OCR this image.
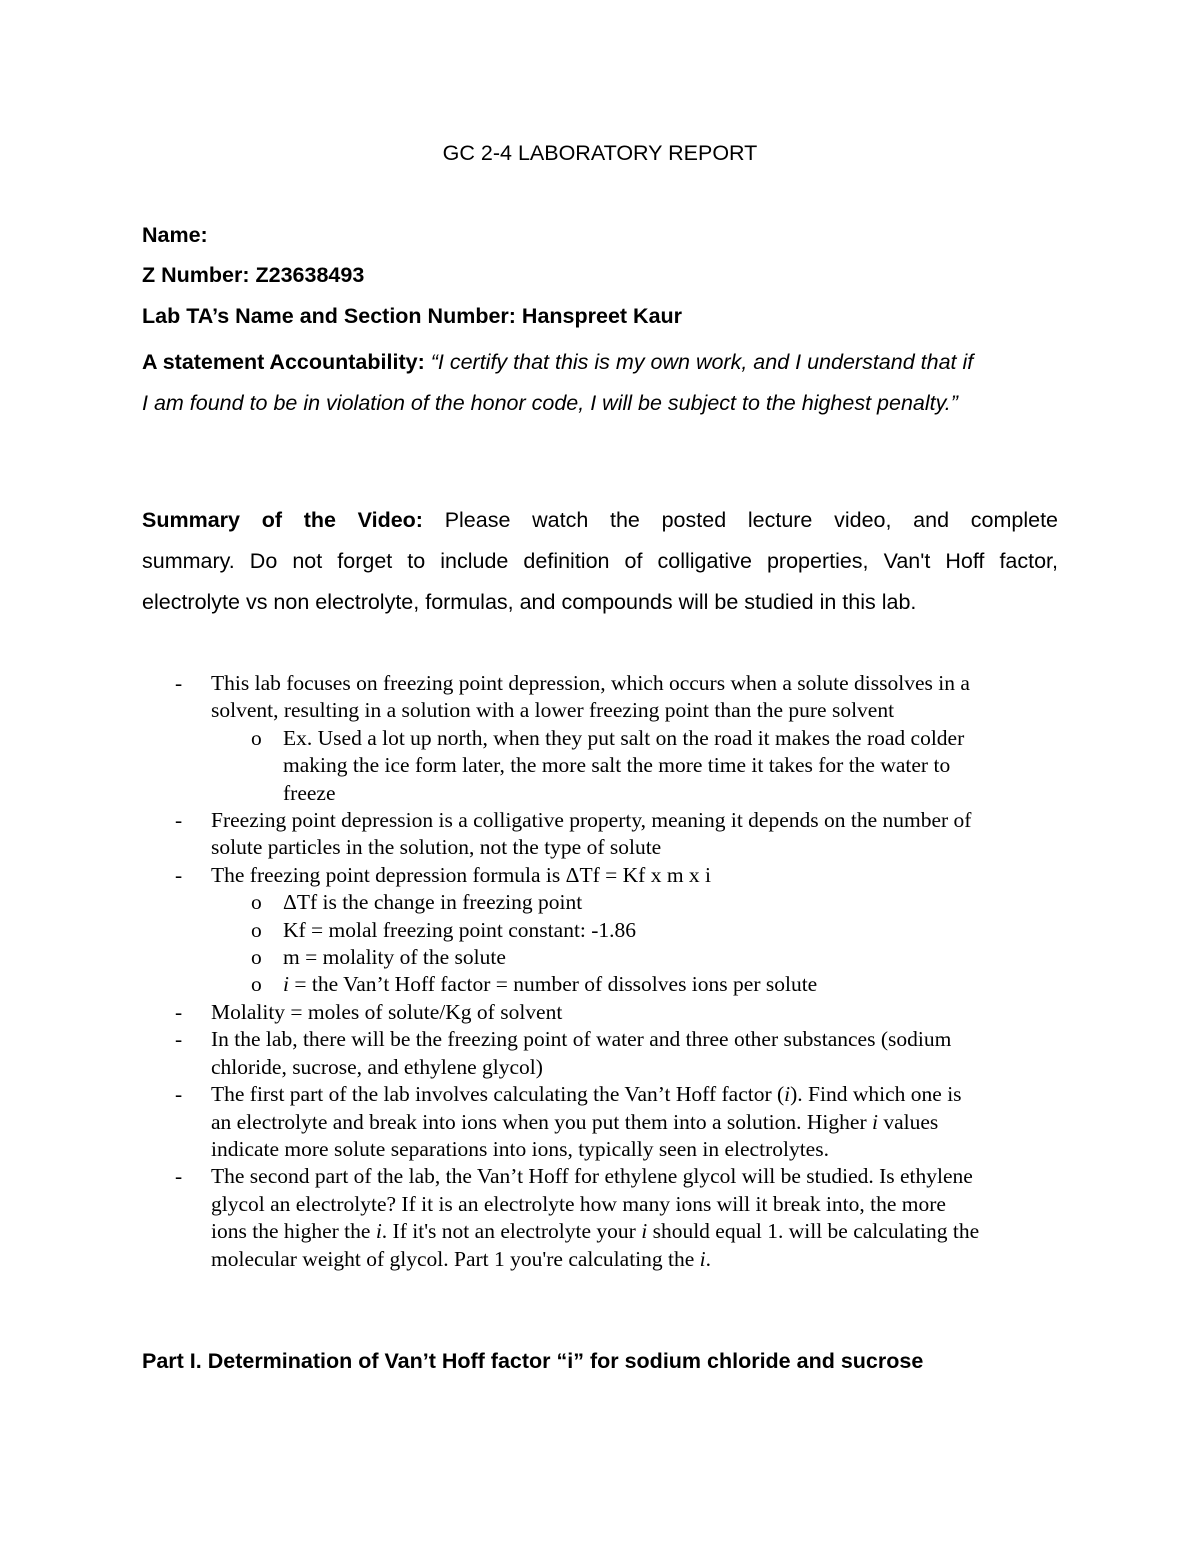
GC 2-4 LABORATORY REPORT
Name:
Z Number: Z23638493
Lab TA’s Name and Section Number: Hanspreet Kaur
A statement Accountability: “I certify that this is my own work, and I understand that if
I am found to be in violation of the honor code, I will be subject to the highest penalty.”
Summary of the Video: Please watch the posted lecture video, and complete
summary. Do not forget to include definition of colligative properties, Van't Hoff factor,
electrolyte vs non electrolyte, formulas, and compounds will be studied in this lab.
- This lab focuses on freezing point depression, which occurs when a solute dissolves in a
solvent, resulting in a solution with a lower freezing point than the pure solvent
o Ex. Used a lot up north, when they put salt on the road it makes the road colder
making the ice form later, the more salt the more time it takes for the water to
freeze
- Freezing point depression is a colligative property, meaning it depends on the number of
solute particles in the solution, not the type of solute
- The freezing point depression formula is ΔTf = Kf x m x i
o ΔTf is the change in freezing point
o Kf = molal freezing point constant: -1.86
o m = molality of the solute
o i = the Van’t Hoff factor = number of dissolves ions per solute
- Molality = moles of solute/Kg of solvent
- In the lab, there will be the freezing point of water and three other substances (sodium
chloride, sucrose, and ethylene glycol)
- The first part of the lab involves calculating the Van’t Hoff factor (i). Find which one is
an electrolyte and break into ions when you put them into a solution. Higher i values
indicate more solute separations into ions, typically seen in electrolytes.
- The second part of the lab, the Van’t Hoff for ethylene glycol will be studied. Is ethylene
glycol an electrolyte? If it is an electrolyte how many ions will it break into, the more
ions the higher the i. If it's not an electrolyte your i should equal 1. will be calculating the
molecular weight of glycol. Part 1 you're calculating the i.
Part I. Determination of Van’t Hoff factor “i” for sodium chloride and sucrose
